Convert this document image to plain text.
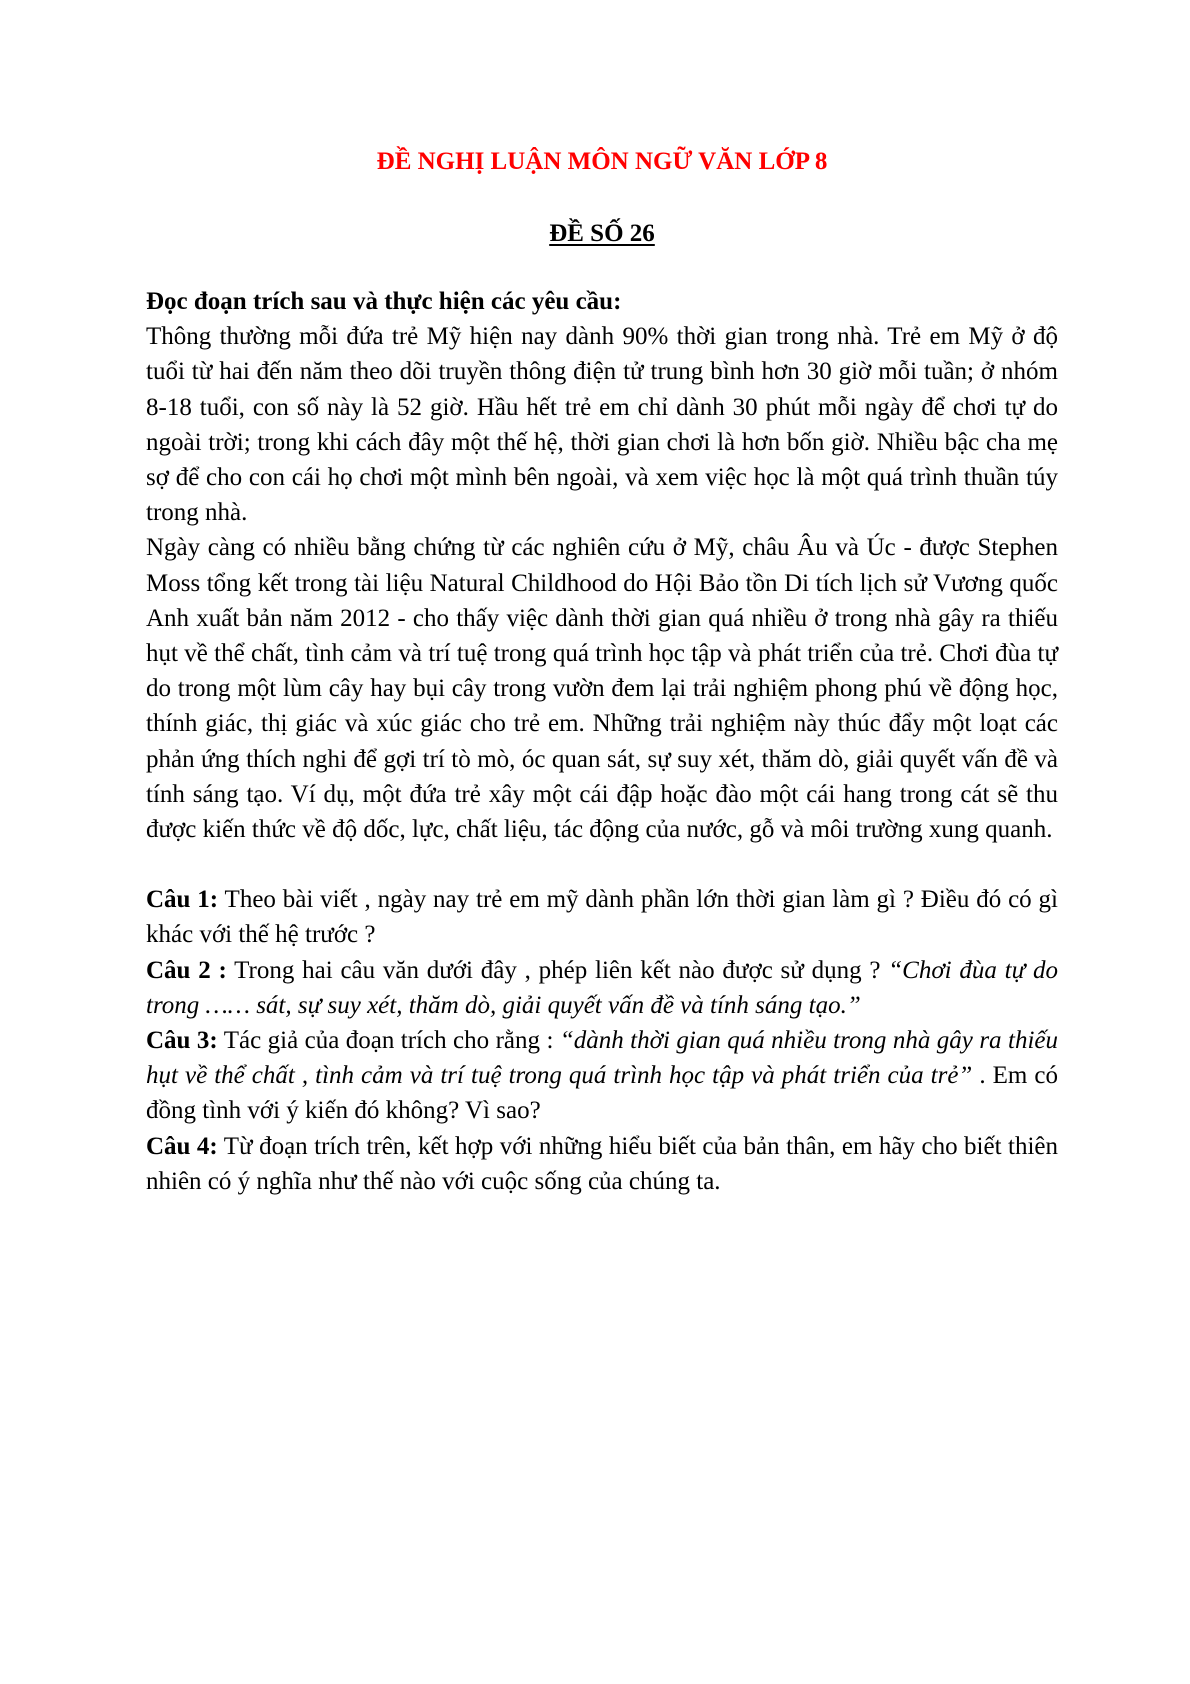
ĐỀ NGHỊ LUẬN MÔN NGỮ VĂN LỚP 8
ĐỀ SỐ 26

Đọc đoạn trích sau và thực hiện các yêu cầu:

Thông thường mỗi đứa trẻ Mỹ hiện nay dành 90% thời gian trong nhà. Trẻ em Mỹ ở độ tuổi từ hai đến năm theo dõi truyền thông điện tử trung bình hơn 30 giờ mỗi tuần; ở nhóm 8-18 tuổi, con số này là 52 giờ. Hầu hết trẻ em chỉ dành 30 phút mỗi ngày để chơi tự do ngoài trời; trong khi cách đây một thế hệ, thời gian chơi là hơn bốn giờ. Nhiều bậc cha mẹ sợ để cho con cái họ chơi một mình bên ngoài, và xem việc học là một quá trình thuần túy trong nhà.

Ngày càng có nhiều bằng chứng từ các nghiên cứu ở Mỹ, châu Âu và Úc - được Stephen Moss tổng kết trong tài liệu Natural Childhood do Hội Bảo tồn Di tích lịch sử Vương quốc Anh xuất bản năm 2012 - cho thấy việc dành thời gian quá nhiều ở trong nhà gây ra thiếu hụt về thể chất, tình cảm và trí tuệ trong quá trình học tập và phát triển của trẻ. Chơi đùa tự do trong một lùm cây hay bụi cây trong vườn đem lại trải nghiệm phong phú về động học, thính giác, thị giác và xúc giác cho trẻ em. Những trải nghiệm này thúc đẩy một loạt các phản ứng thích nghi để gợi trí tò mò, óc quan sát, sự suy xét, thăm dò, giải quyết vấn đề và tính sáng tạo. Ví dụ, một đứa trẻ xây một cái đập hoặc đào một cái hang trong cát sẽ thu được kiến thức về độ dốc, lực, chất liệu, tác động của nước, gỗ và môi trường xung quanh.

Câu 1: Theo bài viết , ngày nay trẻ em mỹ dành phần lớn thời gian làm gì ? Điều đó có gì khác với thế hệ trước ?

Câu 2 : Trong hai câu văn dưới đây , phép liên kết nào được sử dụng ? “Chơi đùa tự do trong …… sát, sự suy xét, thăm dò, giải quyết vấn đề và tính sáng tạo.”

Câu 3: Tác giả của đoạn trích cho rằng : “dành thời gian quá nhiều trong nhà gây ra thiếu hụt về thể chất , tình cảm và trí tuệ trong quá trình học tập và phát triển của trẻ” . Em có đồng tình với ý kiến đó không? Vì sao?

Câu 4: Từ đoạn trích trên, kết hợp với những hiểu biết của bản thân, em hãy cho biết thiên nhiên có ý nghĩa như thế nào với cuộc sống của chúng ta.
